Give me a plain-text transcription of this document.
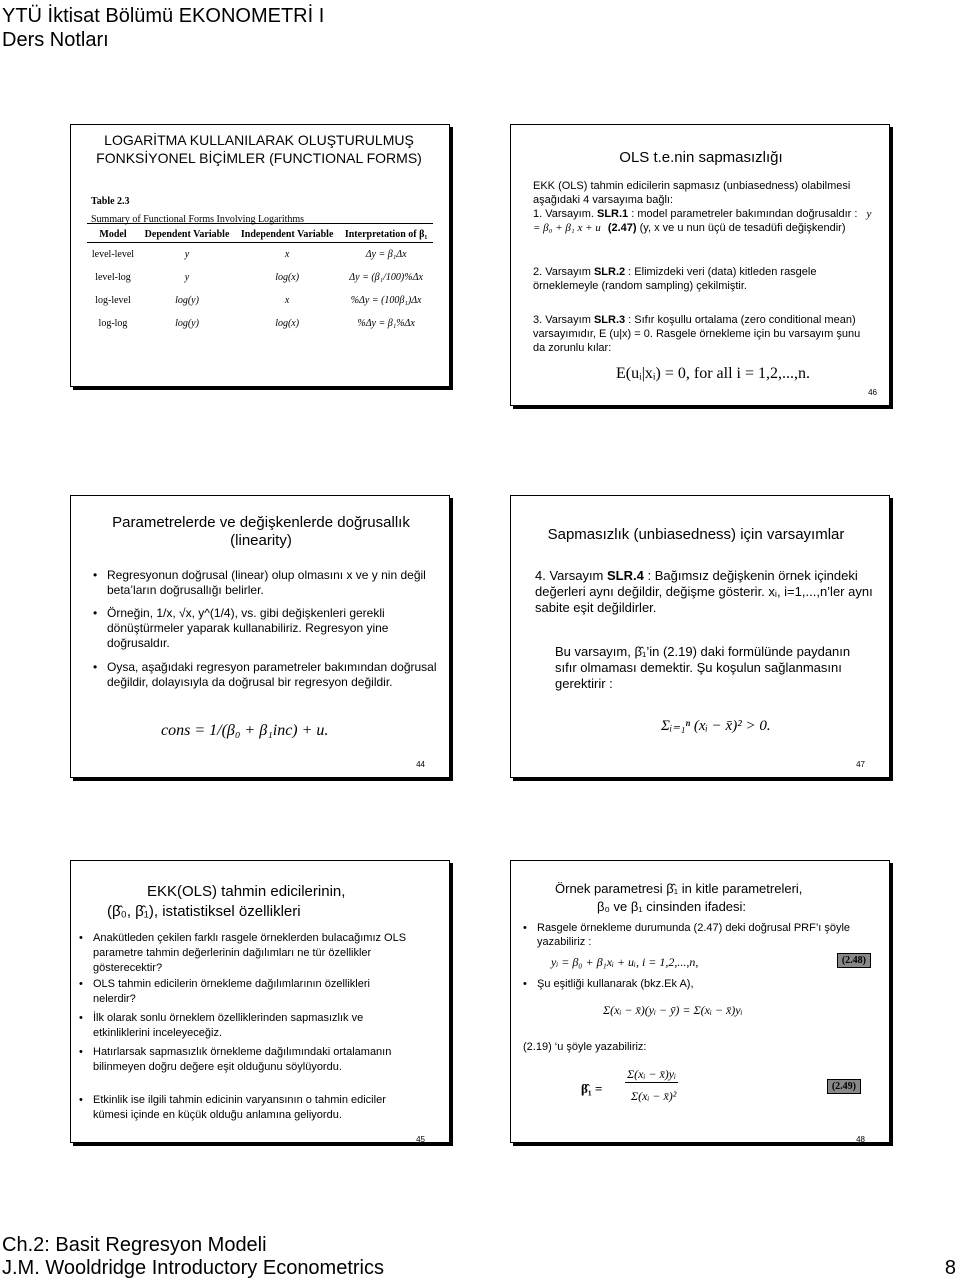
YTÜ İktisat Bölümü EKONOMETRİ I
Ders Notları
LOGARİTMA KULLANILARAK OLUŞTURULMUŞ FONKSİYONEL BİÇİMLER (FUNCTIONAL FORMS)
Table 2.3
Summary of Functional Forms Involving Logarithms
Model	Dependent Variable	Independent Variable	Interpretation of β₁
level-level	y	x	Δy = β₁Δx
level-log	y	log(x)	Δy = (β₁/100)%Δx
log-level	log(y)	x	%Δy = (100β₁)Δx
log-log	log(y)	log(x)	%Δy = β₁%Δx
OLS t.e.nin sapmasızlığı
EKK (OLS) tahmin edicilerin sapmasız (unbiasedness) olabilmesi aşağıdaki 4 varsayıma bağlı:
1. Varsayım. SLR.1 : model parametreler bakımından doğrusaldır : y = β₀ + β₁ x + u (2.47) (y, x ve u nun üçü de tesadüfi değişkendir)
2. Varsayım SLR.2 : Elimizdeki veri (data) kitleden rasgele örneklemeyle (random sampling) çekilmiştir.
3. Varsayım SLR.3 : Sıfır koşullu ortalama (zero conditional mean) varsayımıdır, E (u|x) = 0. Rasgele örnekleme için bu varsayım şunu da zorunlu kılar:
E(uᵢ|xᵢ) = 0, for all i = 1,2,...,n.
46
Parametrelerde ve değişkenlerde doğrusallık (linearity)
• Regresyonun doğrusal (linear) olup olmasını x ve y nin değil beta’ların doğrusallığı belirler.
• Örneğin, 1/x, √x, y^(1/4), vs. gibi değişkenleri gerekli dönüştürmeler yaparak kullanabiliriz. Regresyon yine doğrusaldır.
• Oysa, aşağıdaki regresyon parametreler bakımından doğrusal değildir, dolayısıyla da doğrusal bir regresyon değildir.
cons = 1/(β₀ + β₁inc) + u.
44
Sapmasızlık (unbiasedness) için varsayımlar
4. Varsayım SLR.4 : Bağımsız değişkenin örnek içindeki değerleri aynı değildir, değişme gösterir. xᵢ, i=1,...,n’ler aynı sabite eşit değildirler.
Bu varsayım, β̂₁’in (2.19) daki formülünde paydanın sıfır olmaması demektir. Şu koşulun sağlanmasını gerektirir :
Σᵢ₌₁ⁿ (xᵢ − x̄)² > 0.
47
EKK(OLS) tahmin edicilerinin,
(β̂₀, β̂₁), istatistiksel özellikleri
• Anakütleden çekilen farklı rasgele örneklerden bulacağımız OLS parametre tahmin değerlerinin dağılımları ne tür özellikler gösterecektir?
• OLS tahmin edicilerin örnekleme dağılımlarının özellikleri nelerdir?
• İlk olarak sonlu örneklem özelliklerinden sapmasızlık ve etkinliklerini inceleyeceğiz.
• Hatırlarsak sapmasızlık örnekleme dağılımındaki ortalamanın bilinmeyen doğru değere eşit olduğunu söylüyordu.
• Etkinlik ise ilgili tahmin edicinin varyansının o tahmin ediciler kümesi içinde en küçük olduğu anlamına geliyordu.
45
Örnek parametresi β̂₁ in kitle parametreleri,
β₀ ve β₁ cinsinden ifadesi:
• Rasgele örnekleme durumunda (2.47) deki doğrusal PRF’ı şöyle yazabiliriz :
yᵢ = β₀ + β₁xᵢ + uᵢ, i = 1,2,...,n,	(2.48)
• Şu eşitliği kullanarak (bkz.Ek A),
Σ(xᵢ − x̄)(yᵢ − ȳ) = Σ(xᵢ − x̄)yᵢ
(2.19) ‘u şöyle yazabiliriz:
β̂₁ =
Σ(xᵢ − x̄)yᵢ
Σ(xᵢ − x̄)²
(2.49)
48
Ch.2: Basit Regresyon Modeli
J.M. Wooldridge Introductory Econometrics	8
